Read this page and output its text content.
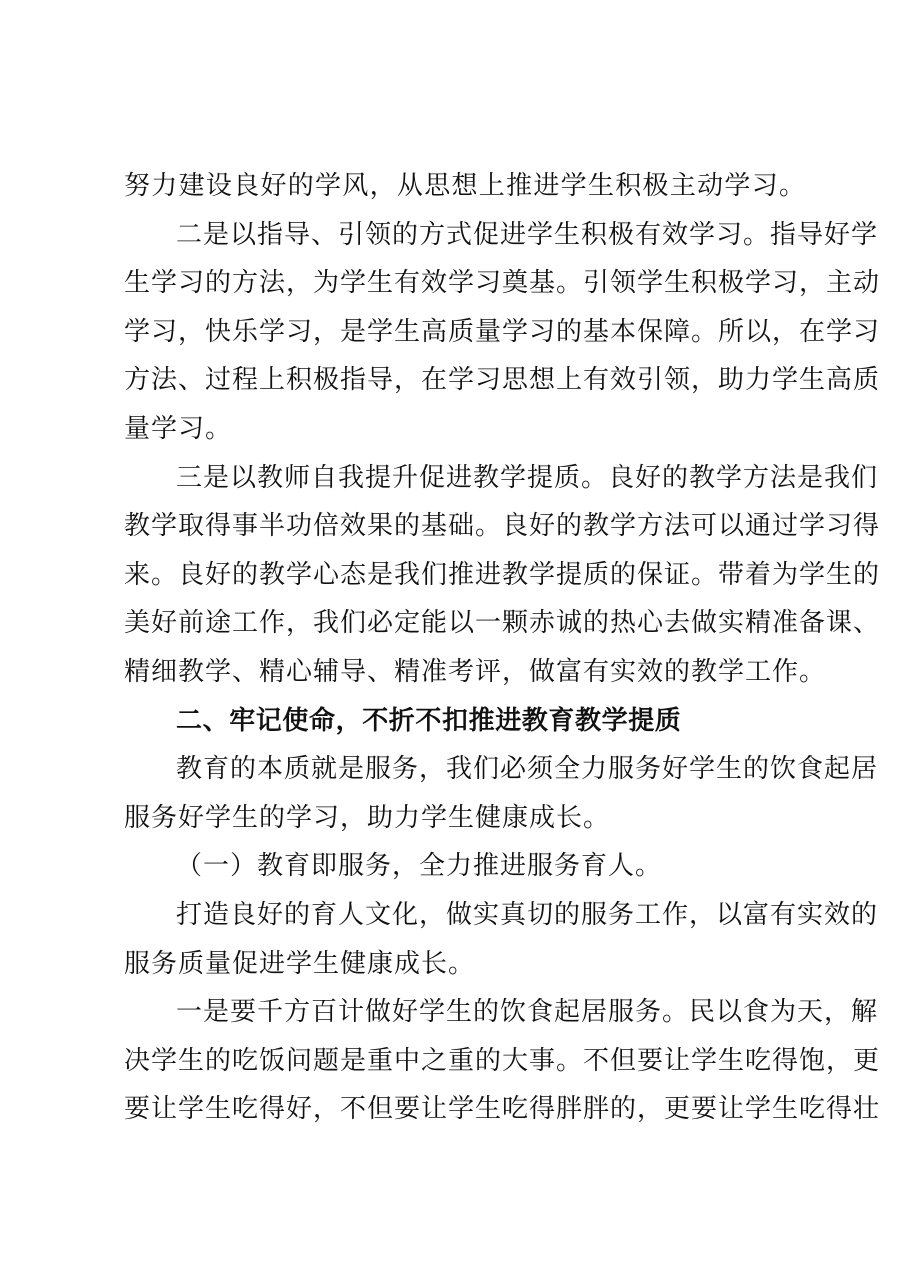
努力建设良好的学风，从思想上推进学生积极主动学习。
二是以指导、引领的方式促进学生积极有效学习。指导好学
生学习的方法，为学生有效学习奠基。引领学生积极学习，主动
学习，快乐学习，是学生高质量学习的基本保障。所以，在学习
方法、过程上积极指导，在学习思想上有效引领，助力学生高质
量学习。
三是以教师自我提升促进教学提质。良好的教学方法是我们
教学取得事半功倍效果的基础。良好的教学方法可以通过学习得
来。良好的教学心态是我们推进教学提质的保证。带着为学生的
美好前途工作，我们必定能以一颗赤诚的热心去做实精准备课、
精细教学、精心辅导、精准考评，做富有实效的教学工作。
二、牢记使命，不折不扣推进教育教学提质
教育的本质就是服务，我们必须全力服务好学生的饮食起居
服务好学生的学习，助力学生健康成长。
（一）教育即服务，全力推进服务育人。
打造良好的育人文化，做实真切的服务工作，以富有实效的
服务质量促进学生健康成长。
一是要千方百计做好学生的饮食起居服务。民以食为天，解
决学生的吃饭问题是重中之重的大事。不但要让学生吃得饱，更
要让学生吃得好，不但要让学生吃得胖胖的，更要让学生吃得壮
